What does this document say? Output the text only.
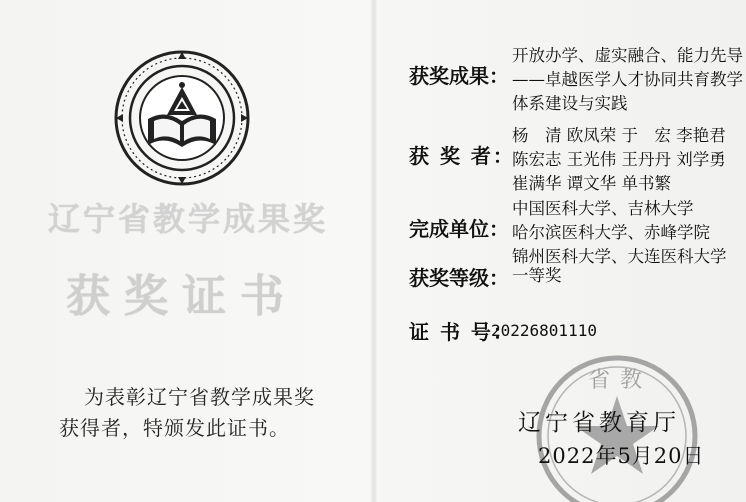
辽宁省教学成果奖
获奖证书
为表彰辽宁省教学成果奖
获得者，特颁发此证书。
获奖成果：
开放办学、虚实融合、能力先导
——卓越医学人才协同共育教学
体系建设与实践
获 奖 者：
杨　清 欧凤荣 于　宏 李艳君
陈宏志 王光伟 王丹丹 刘学勇
崔满华 谭文华 单书繁
完成单位：
中国医科大学、吉林大学
哈尔滨医科大学、赤峰学院
锦州医科大学、大连医科大学
获奖等级： 一等奖
证 书 号：
20226801110
省教
辽宁省教育厅
2022年5月20日
